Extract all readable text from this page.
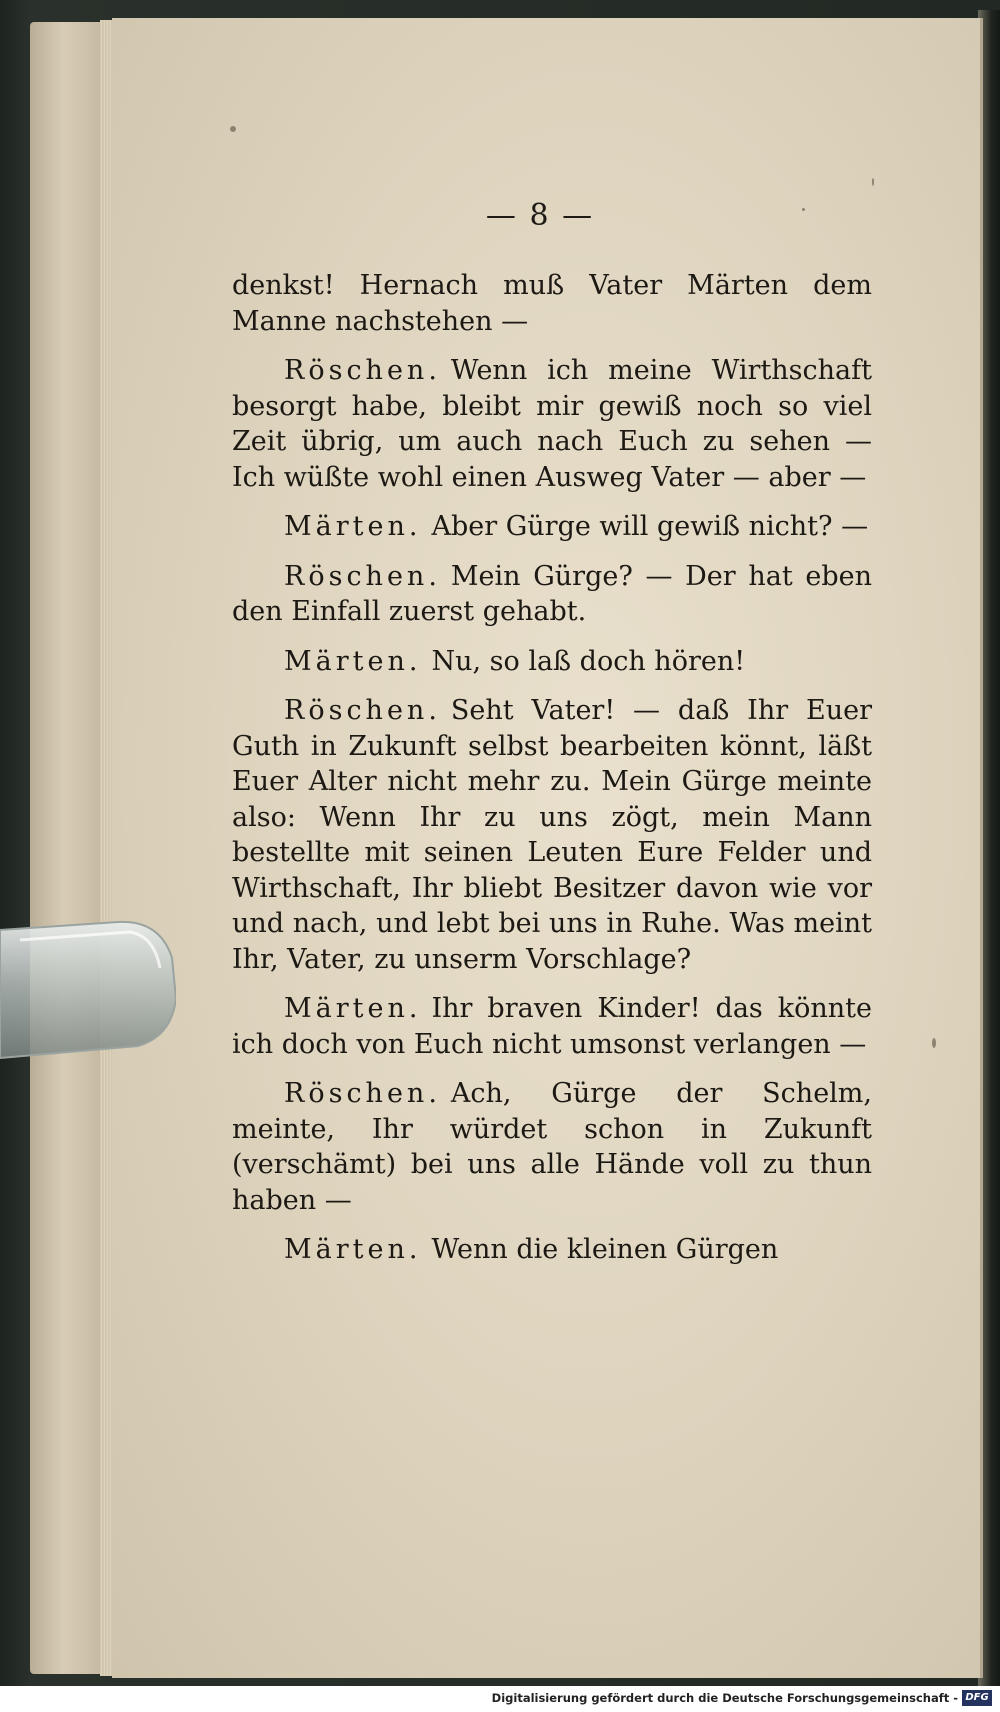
— 8 —

denkst! Hernach muß Vater Märten dem Manne nachstehen —

Röschen. Wenn ich meine Wirthschaft besorgt habe, bleibt mir gewiß noch so viel Zeit übrig, um auch nach Euch zu sehen — Ich wüßte wohl einen Ausweg Vater — aber —

Märten. Aber Gürge will gewiß nicht? —

Röschen. Mein Gürge? — Der hat eben den Einfall zuerst gehabt.

Märten. Nu, so laß doch hören!

Röschen. Seht Vater! — daß Ihr Euer Guth in Zukunft selbst bearbeiten könnt, läßt Euer Alter nicht mehr zu. Mein Gürge meinte also: Wenn Ihr zu uns zögt, mein Mann bestellte mit seinen Leuten Eure Felder und Wirthschaft, Ihr bliebt Besitzer davon wie vor und nach, und lebt bei uns in Ruhe. Was meint Ihr, Vater, zu unserm Vorschlage?

Märten. Ihr braven Kinder! das könnte ich doch von Euch nicht umsonst verlangen —

Röschen. Ach, Gürge der Schelm, meinte, Ihr würdet schon in Zukunft (verschämt) bei uns alle Hände voll zu thun haben —

Märten. Wenn die kleinen Gürgen

Digitalisierung gefördert durch die Deutsche Forschungsgemeinschaft - DFG
